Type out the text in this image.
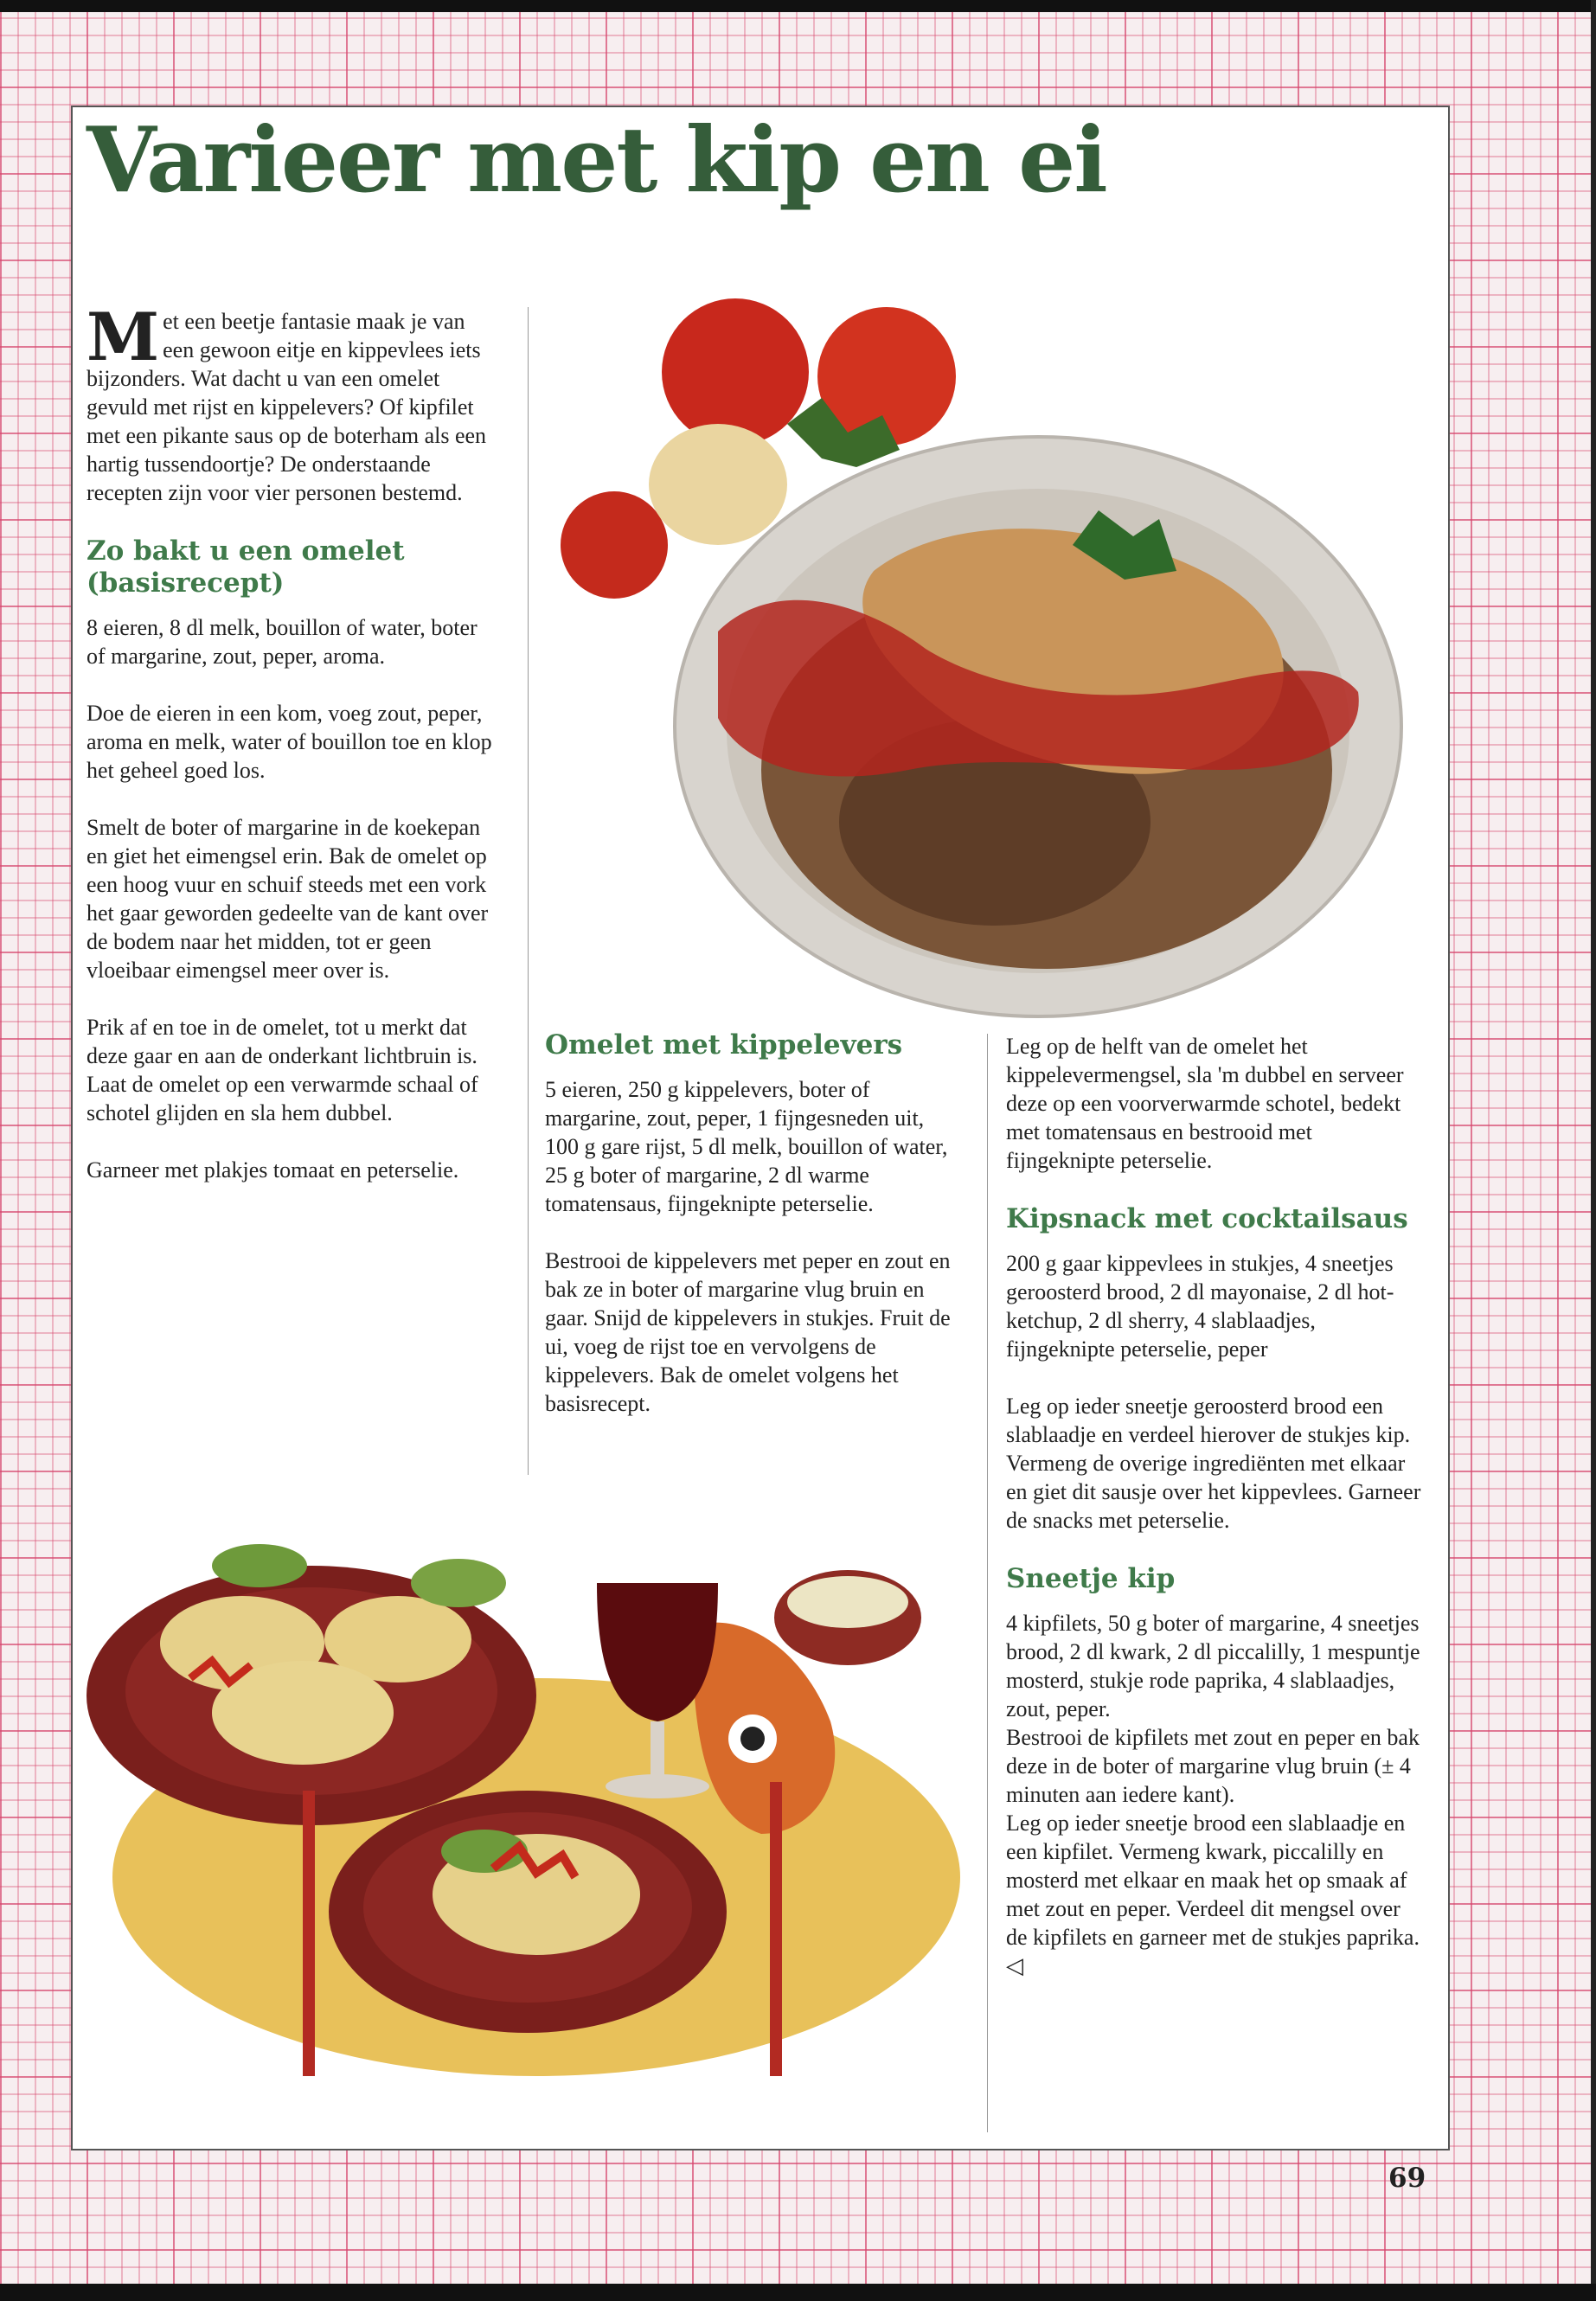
Varieer met kip en ei

Met een beetje fantasie maak je van een gewoon eitje en kippevlees iets bijzonders. Wat dacht u van een omelet gevuld met rijst en kippelevers? Of kipfilet met een pikante saus op de boterham als een hartig tussendoortje? De onderstaande recepten zijn voor vier personen bestemd.

Zo bakt u een omelet (basisrecept)

8 eieren, 8 dl melk, bouillon of water, boter of margarine, zout, peper, aroma.

Doe de eieren in een kom, voeg zout, peper, aroma en melk, water of bouillon toe en klop het geheel goed los.

Smelt de boter of margarine in de koekepan en giet het eimengsel erin. Bak de omelet op een hoog vuur en schuif steeds met een vork het gaar geworden gedeelte van de kant over de bodem naar het midden, tot er geen vloeibaar eimengsel meer over is.

Prik af en toe in de omelet, tot u merkt dat deze gaar en aan de onderkant lichtbruin is. Laat de omelet op een verwarmde schaal of schotel glijden en sla hem dubbel.

Garneer met plakjes tomaat en peterselie.

Omelet met kippelevers

5 eieren, 250 g kippelevers, boter of margarine, zout, peper, 1 fijngesneden uit, 100 g gare rijst, 5 dl melk, bouillon of water, 25 g boter of margarine, 2 dl warme tomatensaus, fijngeknipte peterselie.

Bestrooi de kippelevers met peper en zout en bak ze in boter of margarine vlug bruin en gaar. Snijd de kippelevers in stukjes. Fruit de ui, voeg de rijst toe en vervolgens de kippelevers. Bak de omelet volgens het basisrecept.

Leg op de helft van de omelet het kippelevermengsel, sla 'm dubbel en serveer deze op een voorverwarmde schotel, bedekt met tomatensaus en bestrooid met fijngeknipte peterselie.

Kipsnack met cocktailsaus

200 g gaar kippevlees in stukjes, 4 sneetjes geroosterd brood, 2 dl mayonaise, 2 dl hot-ketchup, 2 dl sherry, 4 slablaadjes, fijngeknipte peterselie, peper

Leg op ieder sneetje geroosterd brood een slablaadje en verdeel hierover de stukjes kip. Vermeng de overige ingrediënten met elkaar en giet dit sausje over het kippevlees. Garneer de snacks met peterselie.

Sneetje kip

4 kipfilets, 50 g boter of margarine, 4 sneetjes brood, 2 dl kwark, 2 dl piccalilly, 1 mespuntje mosterd, stukje rode paprika, 4 slablaadjes, zout, peper.

Bestrooi de kipfilets met zout en peper en bak deze in de boter of margarine vlug bruin (± 4 minuten aan iedere kant).

Leg op ieder sneetje brood een slablaadje en een kipfilet. Vermeng kwark, piccalilly en mosterd met elkaar en maak het op smaak af met zout en peper. Verdeel dit mengsel over de kipfilets en garneer met de stukjes paprika. ◁

69
